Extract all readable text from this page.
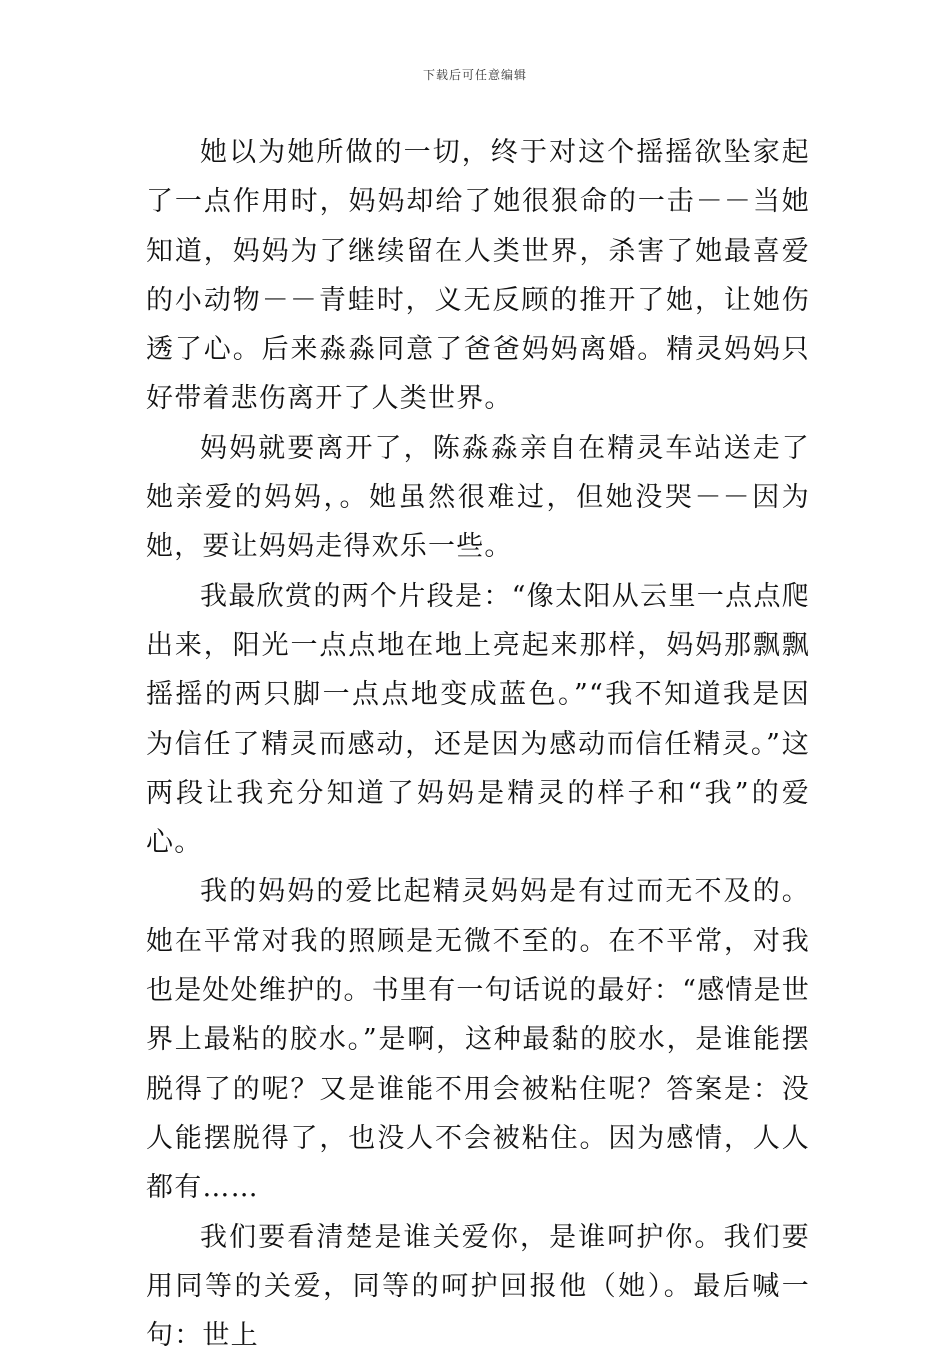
下载后可任意编辑

她以为她所做的一切，终于对这个摇摇欲坠家起了一点作用时，妈妈却给了她很狠命的一击－－当她知道，妈妈为了继续留在人类世界，杀害了她最喜爱的小动物－－青蛙时，义无反顾的推开了她，让她伤透了心。后来淼淼同意了爸爸妈妈离婚。精灵妈妈只好带着悲伤离开了人类世界。

妈妈就要离开了，陈淼淼亲自在精灵车站送走了她亲爱的妈妈，。她虽然很难过，但她没哭－－因为她，要让妈妈走得欢乐一些。

我最欣赏的两个片段是：“像太阳从云里一点点爬出来，阳光一点点地在地上亮起来那样，妈妈那飘飘摇摇的两只脚一点点地变成蓝色。”“我不知道我是因为信任了精灵而感动，还是因为感动而信任精灵。”这两段让我充分知道了妈妈是精灵的样子和“我”的爱心。

我的妈妈的爱比起精灵妈妈是有过而无不及的。她在平常对我的照顾是无微不至的。在不平常，对我也是处处维护的。书里有一句话说的最好：“感情是世界上最粘的胶水。”是啊，这种最黏的胶水，是谁能摆脱得了的呢？又是谁能不用会被粘住呢？答案是：没人能摆脱得了，也没人不会被粘住。因为感情，人人都有……

我们要看清楚是谁关爱你，是谁呵护你。我们要用同等的关爱，同等的呵护回报他（她）。最后喊一句：世上
